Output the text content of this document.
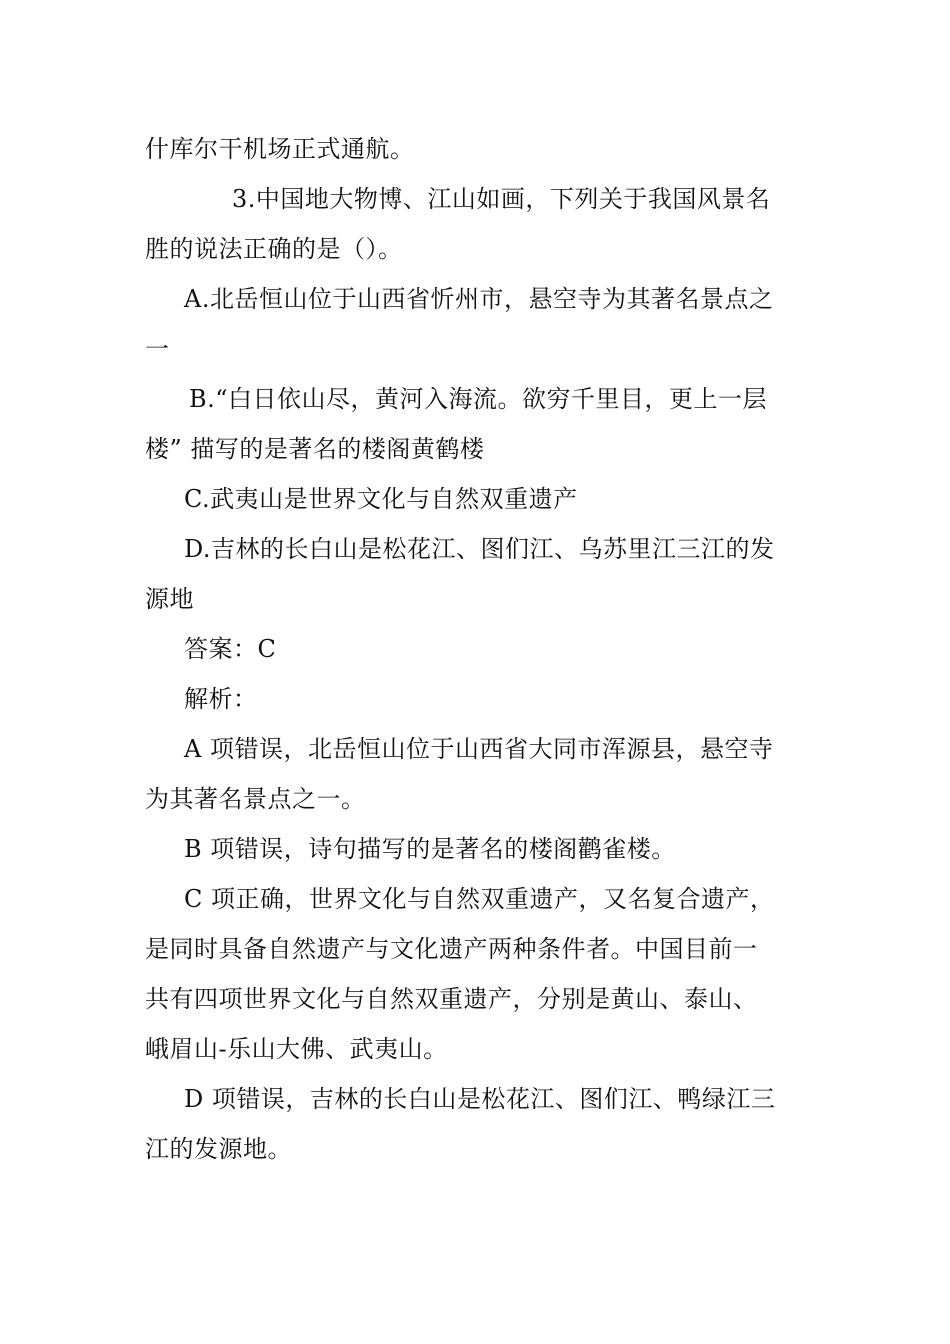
什库尔干机场正式通航。
3.中国地大物博、江山如画，下列关于我国风景名
胜的说法正确的是（）。
A.北岳恒山位于山西省忻州市，悬空寺为其著名景点之
一
B.“白日依山尽，黄河入海流。欲穷千里目，更上一层
楼” 描写的是著名的楼阁黄鹤楼
C.武夷山是世界文化与自然双重遗产
D.吉林的长白山是松花江、图们江、乌苏里江三江的发
源地
答案：C
解析：
A 项错误，北岳恒山位于山西省大同市浑源县，悬空寺
为其著名景点之一。
B 项错误，诗句描写的是著名的楼阁鹳雀楼。
C 项正确，世界文化与自然双重遗产，又名复合遗产，
是同时具备自然遗产与文化遗产两种条件者。中国目前一
共有四项世界文化与自然双重遗产，分别是黄山、泰山、
峨眉山-乐山大佛、武夷山。
D 项错误，吉林的长白山是松花江、图们江、鸭绿江三
江的发源地。
